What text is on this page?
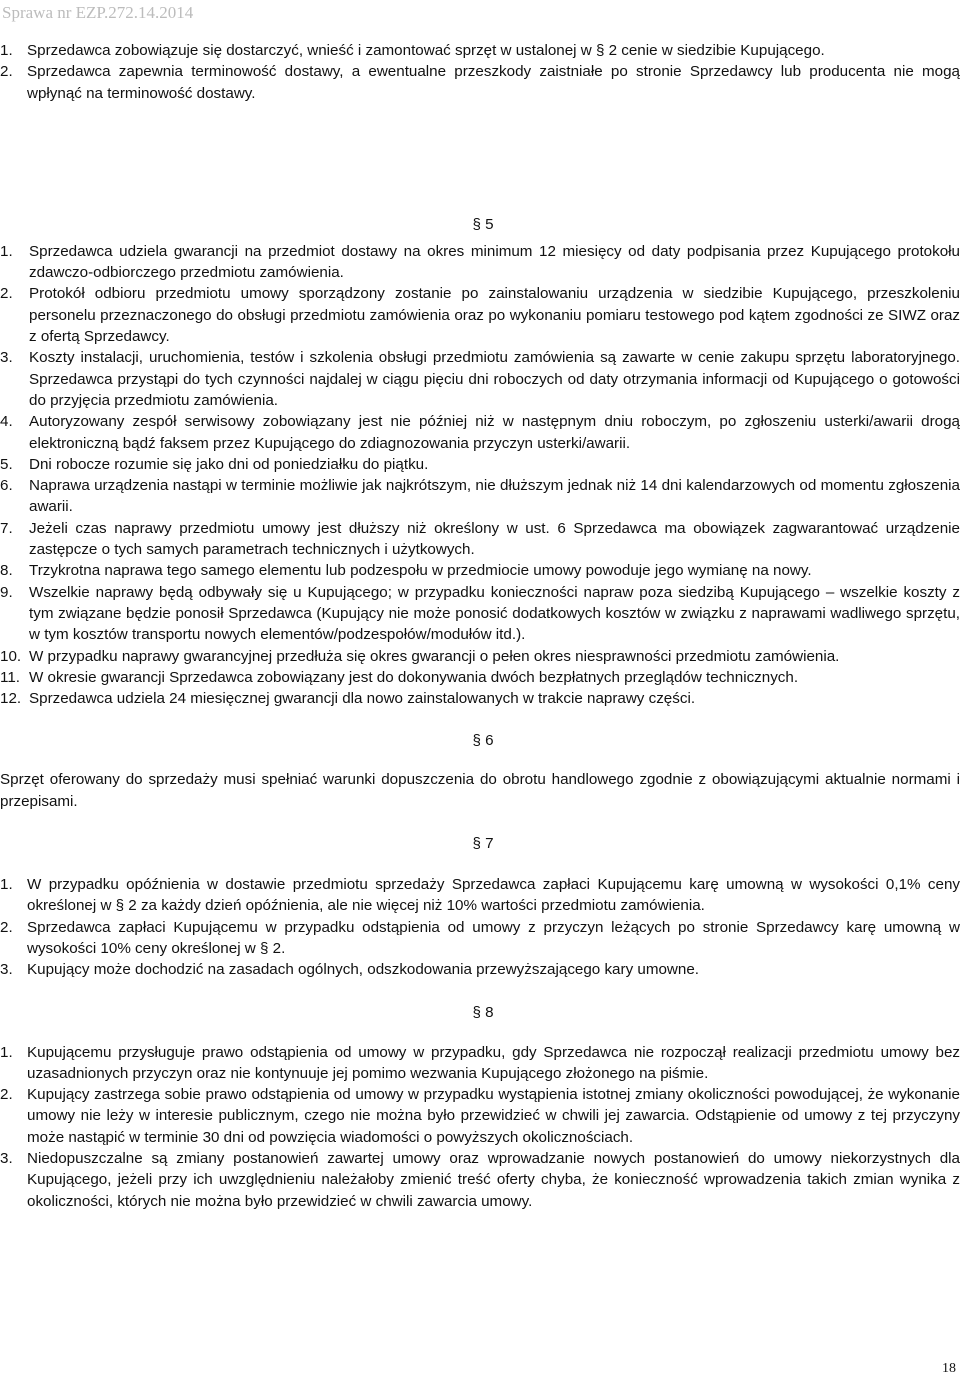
Sprawa nr EZP.272.14.2014
1. Sprzedawca zobowiązuje się dostarczyć, wnieść i zamontować sprzęt w ustalonej w § 2 cenie w siedzibie Kupującego.
2. Sprzedawca zapewnia terminowość dostawy, a ewentualne przeszkody zaistniałe po stronie Sprzedawcy lub producenta nie mogą wpłynąć na terminowość dostawy.
§ 5
1. Sprzedawca udziela gwarancji na przedmiot dostawy na okres minimum 12 miesięcy od daty podpisania przez Kupującego protokołu zdawczo-odbiorczego przedmiotu zamówienia.
2. Protokół odbioru przedmiotu umowy sporządzony zostanie po zainstalowaniu urządzenia w siedzibie Kupującego, przeszkoleniu personelu przeznaczonego do obsługi przedmiotu zamówienia oraz po wykonaniu pomiaru testowego pod kątem zgodności ze SIWZ oraz z ofertą Sprzedawcy.
3. Koszty instalacji, uruchomienia, testów i szkolenia obsługi przedmiotu zamówienia są zawarte w cenie zakupu sprzętu laboratoryjnego. Sprzedawca przystąpi do tych czynności najdalej w ciągu pięciu dni roboczych od daty otrzymania informacji od Kupującego o gotowości do przyjęcia przedmiotu zamówienia.
4. Autoryzowany zespół serwisowy zobowiązany jest nie później niż w następnym dniu roboczym, po zgłoszeniu usterki/awarii drogą elektroniczną bądź faksem przez Kupującego do zdiagnozowania przyczyn usterki/awarii.
5. Dni robocze rozumie się jako dni od poniedziałku do piątku.
6. Naprawa urządzenia nastąpi w terminie możliwie jak najkrótszym, nie dłuższym jednak niż 14 dni kalendarzowych od momentu zgłoszenia awarii.
7. Jeżeli czas naprawy przedmiotu umowy jest dłuższy niż określony w ust. 6 Sprzedawca ma obowiązek zagwarantować urządzenie zastępcze o tych samych parametrach technicznych i użytkowych.
8. Trzykrotna naprawa tego samego elementu lub podzespołu w przedmiocie umowy powoduje jego wymianę na nowy.
9. Wszelkie naprawy będą odbywały się u Kupującego; w przypadku konieczności napraw poza siedzibą Kupującego – wszelkie koszty z tym związane będzie ponosił Sprzedawca (Kupujący nie może ponosić dodatkowych kosztów w związku z naprawami wadliwego sprzętu, w tym kosztów transportu nowych elementów/podzespołów/modułów itd.).
10. W przypadku naprawy gwarancyjnej przedłuża się okres gwarancji o pełen okres niesprawności przedmiotu zamówienia.
11. W okresie gwarancji Sprzedawca zobowiązany jest do dokonywania dwóch bezpłatnych przeglądów technicznych.
12. Sprzedawca udziela 24 miesięcznej gwarancji dla nowo zainstalowanych w trakcie naprawy części.
§ 6

Sprzęt oferowany do sprzedaży musi spełniać warunki dopuszczenia do obrotu handlowego zgodnie z obowiązującymi aktualnie normami i przepisami.

§ 7
1. W przypadku opóźnienia w dostawie przedmiotu sprzedaży Sprzedawca zapłaci Kupującemu karę umowną w wysokości 0,1% ceny określonej w § 2 za każdy dzień opóźnienia, ale nie więcej niż 10% wartości przedmiotu zamówienia.
2. Sprzedawca zapłaci Kupującemu w przypadku odstąpienia od umowy z przyczyn leżących po stronie Sprzedawcy karę umowną w wysokości 10% ceny określonej w § 2.
3. Kupujący może dochodzić na zasadach ogólnych, odszkodowania przewyższającego kary umowne.
§ 8
1. Kupującemu przysługuje prawo odstąpienia od umowy w przypadku, gdy Sprzedawca nie rozpoczął realizacji przedmiotu umowy bez uzasadnionych przyczyn oraz nie kontynuuje jej pomimo wezwania Kupującego złożonego na piśmie.
2. Kupujący zastrzega sobie prawo odstąpienia od umowy w przypadku wystąpienia istotnej zmiany okoliczności powodującej, że wykonanie umowy nie leży w interesie publicznym, czego nie można było przewidzieć w chwili jej zawarcia. Odstąpienie od umowy z tej przyczyny może nastąpić w terminie 30 dni od powzięcia wiadomości o powyższych okolicznościach.
3. Niedopuszczalne są zmiany postanowień zawartej umowy oraz wprowadzanie nowych postanowień do umowy niekorzystnych dla Kupującego, jeżeli przy ich uwzględnieniu należałoby zmienić treść oferty chyba, że konieczność wprowadzenia takich zmian wynika z okoliczności, których nie można było przewidzieć w chwili zawarcia umowy.
18
